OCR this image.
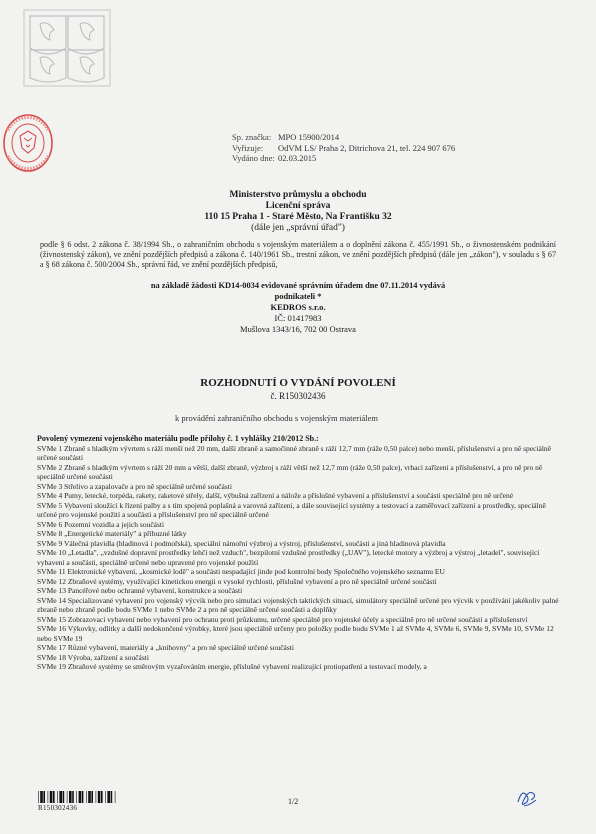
Sp. značka: MPO 15900/2014
Vyřizuje:	OdVM LS/ Praha 2, Ditrichova 21, tel. 224 907 676
Vydáno dne: 02.03.2015
Ministerstvo průmyslu a obchodu
Licenční správa
110 15 Praha 1 - Staré Město, Na Františku 32
(dále jen „správní úřad")
podle § 6 odst. 2 zákona č. 38/1994 Sb., o zahraničním obchodu s vojenským materiálem a o doplnění zákona č. 455/1991 Sb., o živnostenském podnikání (živnostenský zákon), ve znění pozdějších předpisů a zákona č. 140/1961 Sb., trestní zákon, ve znění pozdějších předpisů (dále jen „zákon"), v souladu s § 67 a § 68 zákona č. 500/2004 Sb., správní řád, ve znění pozdějších předpisů,
na základě žádosti KD14-0034 evidované správním úřadem dne 07.11.2014 vydává
podnikateli *
KEDROS s.r.o.
IČ: 01417983
Mušlova 1343/16, 702 00 Ostrava
ROZHODNUTÍ O VYDÁNÍ POVOLENÍ
č. R150302436
k provádění zahraničního obchodu s vojenským materiálem
Povolený vymezení vojenského materiálu podle přílohy č. 1 vyhlášky 210/2012 Sb.:

SVMe 1 Zbraně s hladkým vývrtem s ráží menší než 20 mm, další zbraně a samočinné zbraně s ráží 12,7 mm (ráže 0,50 palce) nebo menší, příslušenství a pro ně speciálně určené součásti

SVMe 2 Zbraně s hladkým vývrtem s ráží 20 mm a větší, další zbraně, výzbroj s ráží větší než 12,7 mm (ráže 0,50 palce), vrhací zařízení a příslušenství, a pro ně pro ně speciálně určené součásti

SVMe 3 Střelivo a zapalovače a pro ně speciálně určené součásti

SVMe 4 Pumy, letecké, torpéda, rakety, raketové střely, další, výbušná zařízení a nálože a příslušné vybavení a příslušenství a součásti speciálně pro ně určené

SVMe 5 Vybavení sloužící k řízení palby a s tím spojená poplašná a varovná zařízení, a dále související systémy a testovací a zaměřovací zařízení a prostředky, speciálně určené pro vojenské použití a součásti a příslušenství pro ně speciálně určené

SVMe 6 Pozemní vozidla a jejich součásti

SVMe 8 „Energetické materiály" a příbuzné látky

SVMe 9 Válečná plavidla (hladinová i podmořská), speciální námořní výzbroj a výstroj, příslušenství, součásti a jiná hladinová plavidla

SVMe 10 „Letadla", „vzdušné dopravní prostředky lehčí než vzduch", bezpilotní vzdušné prostředky („UAV"), letecké motory a výzbroj a výstroj „letadel", související vybavení a součásti, speciálně určené nebo upravené pro vojenské použití

SVMe 11 Elektronické vybavení, „kosmické lodě" a součásti nespadající jinde pod kontrolní body Společného vojenského seznamu EU

SVMe 12 Zbraňové systémy, využívající kinetickou energii o vysoké rychlosti, příslušné vybavení a pro ně speciálně určené součásti

SVMe 13 Pancéřové nebo ochranné vybavení, konstrukce a součásti

SVMe 14 Specializované vybavení pro vojenský výcvik nebo pro simulaci vojenských taktických situací, simulátory speciálně určené pro výcvik v používání jakékoliv palné zbraně nebo zbraně podle bodu SVMe 1 nebo SVMe 2 a pro ně speciálně určené součásti a doplňky

SVMe 15 Zobrazovací vybavení nebo vybavení pro ochranu proti průzkumu, určené speciálně pro vojenské účely a speciálně pro ně určené součásti a příslušenství

SVMe 16 Výkovky, odlitky a další nedokončené výrobky, které jsou speciálně určeny pro položky podle bodu SVMe 1 až SVMe 4, SVMe 6, SVMe 9, SVMe 10, SVMe 12 nebo SVMe 19

SVMe 17 Různé vybavení, materiály a „knihovny" a pro ně speciálně určené součásti

SVMe 18 Výroba, zařízení a součásti

SVMe 19 Zbraňové systémy se směrovým vyzařováním energie, příslušné vybavení realizující protiopatření a testovací modely, a

R150302436
1/2
